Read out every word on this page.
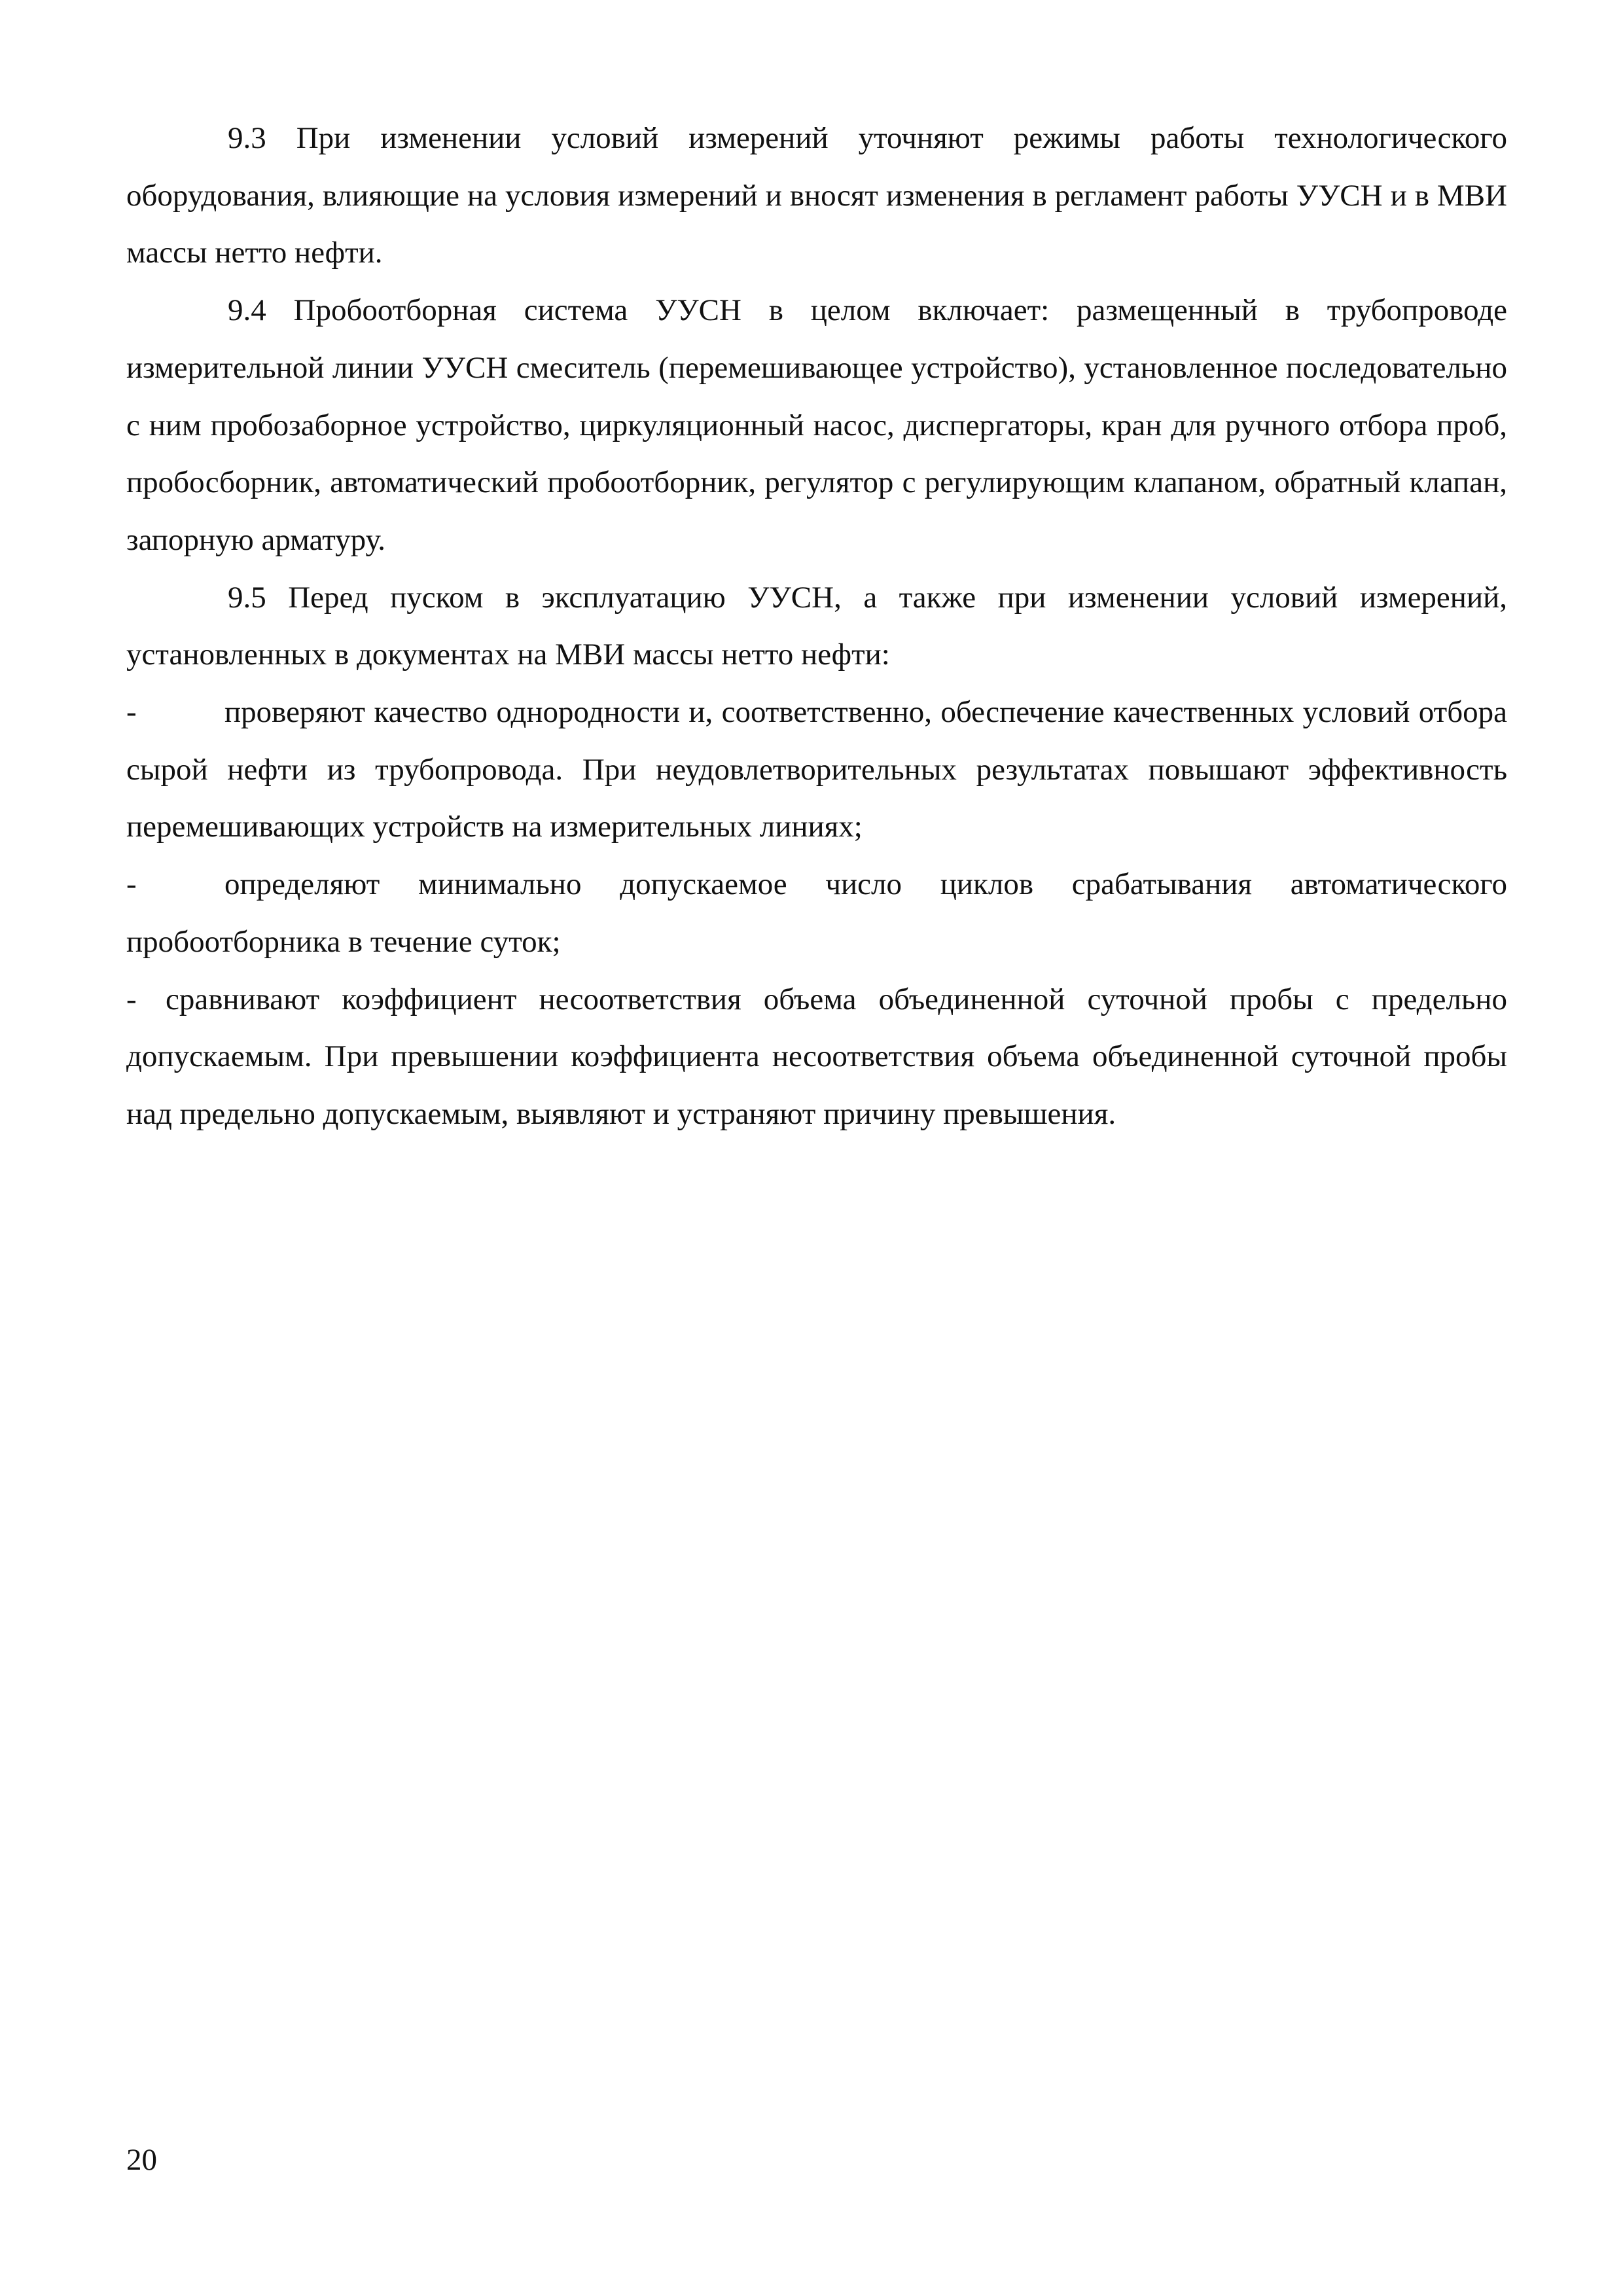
9.3 При изменении условий измерений уточняют режимы работы технологического оборудования, влияющие на условия измерений и вносят изменения в регламент работы УУСН и в МВИ массы нетто нефти.

9.4 Пробоотборная система УУСН в целом включает: размещенный в трубопроводе измерительной линии УУСН смеситель (перемешивающее устройство), установленное последовательно с ним пробозаборное устройство, циркуляционный насос, диспергаторы, кран для ручного отбора проб, пробосборник, автоматический пробоотборник, регулятор с регулирующим клапаном, обратный клапан, запорную арматуру.

9.5 Перед пуском в эксплуатацию УУСН, а также при изменении условий измерений, установленных в документах на МВИ массы нетто нефти:

-	проверяют качество однородности и, соответственно, обеспечение качественных условий отбора сырой нефти из трубопровода. При неудовлетворительных результатах повышают эффективность перемешивающих устройств на измерительных линиях;

-	определяют минимально допускаемое число циклов срабатывания автоматического пробоотборника в течение суток;

- сравнивают коэффициент несоответствия объема объединенной суточной пробы с предельно допускаемым. При превышении коэффициента несоответствия объема объединенной суточной пробы над предельно допускаемым, выявляют и устраняют причину превышения.

20
